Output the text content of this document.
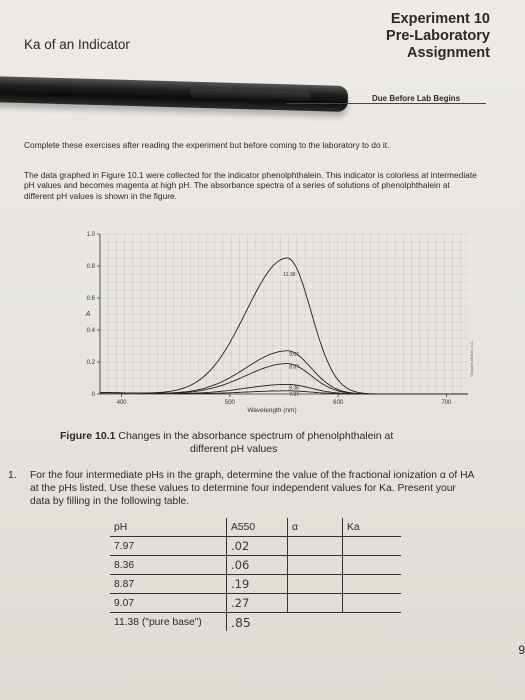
Ka of an Indicator
Experiment 10
Pre-Laboratory
Assignment
Due Before Lab Begins
Complete these exercises after reading the experiment but before coming to the laboratory to do it.
The data graphed in Figure 10.1 were collected for the indicator phenolphthalein. This indicator is colorless at intermediate pH values and becomes magenta at high pH. The absorbance spectra of a series of solutions of phenolphthalein at different pH values is shown in the figure.
0
0.2
0.4
0.6
0.8
1.0
400	500	600	700
7.97
8.36
8.87
9.07
11.38
Wavelength (nm)
A
©Hayden-McNeil, LLC
Figure 10.1 Changes in the absorbance spectrum of phenolphthalein at
different pH values
1. For the four intermediate pHs in the graph, determine the value of the fractional ionization α of HA at the pHs listed. Use these values to determine four independent values for Ka. Present your data by filling in the following table.
pH	A550	α	Ka
7.97	.02		
8.36	.06		
8.87	.19		
9.07	.27		
11.38 ("pure base")	.85		
9
